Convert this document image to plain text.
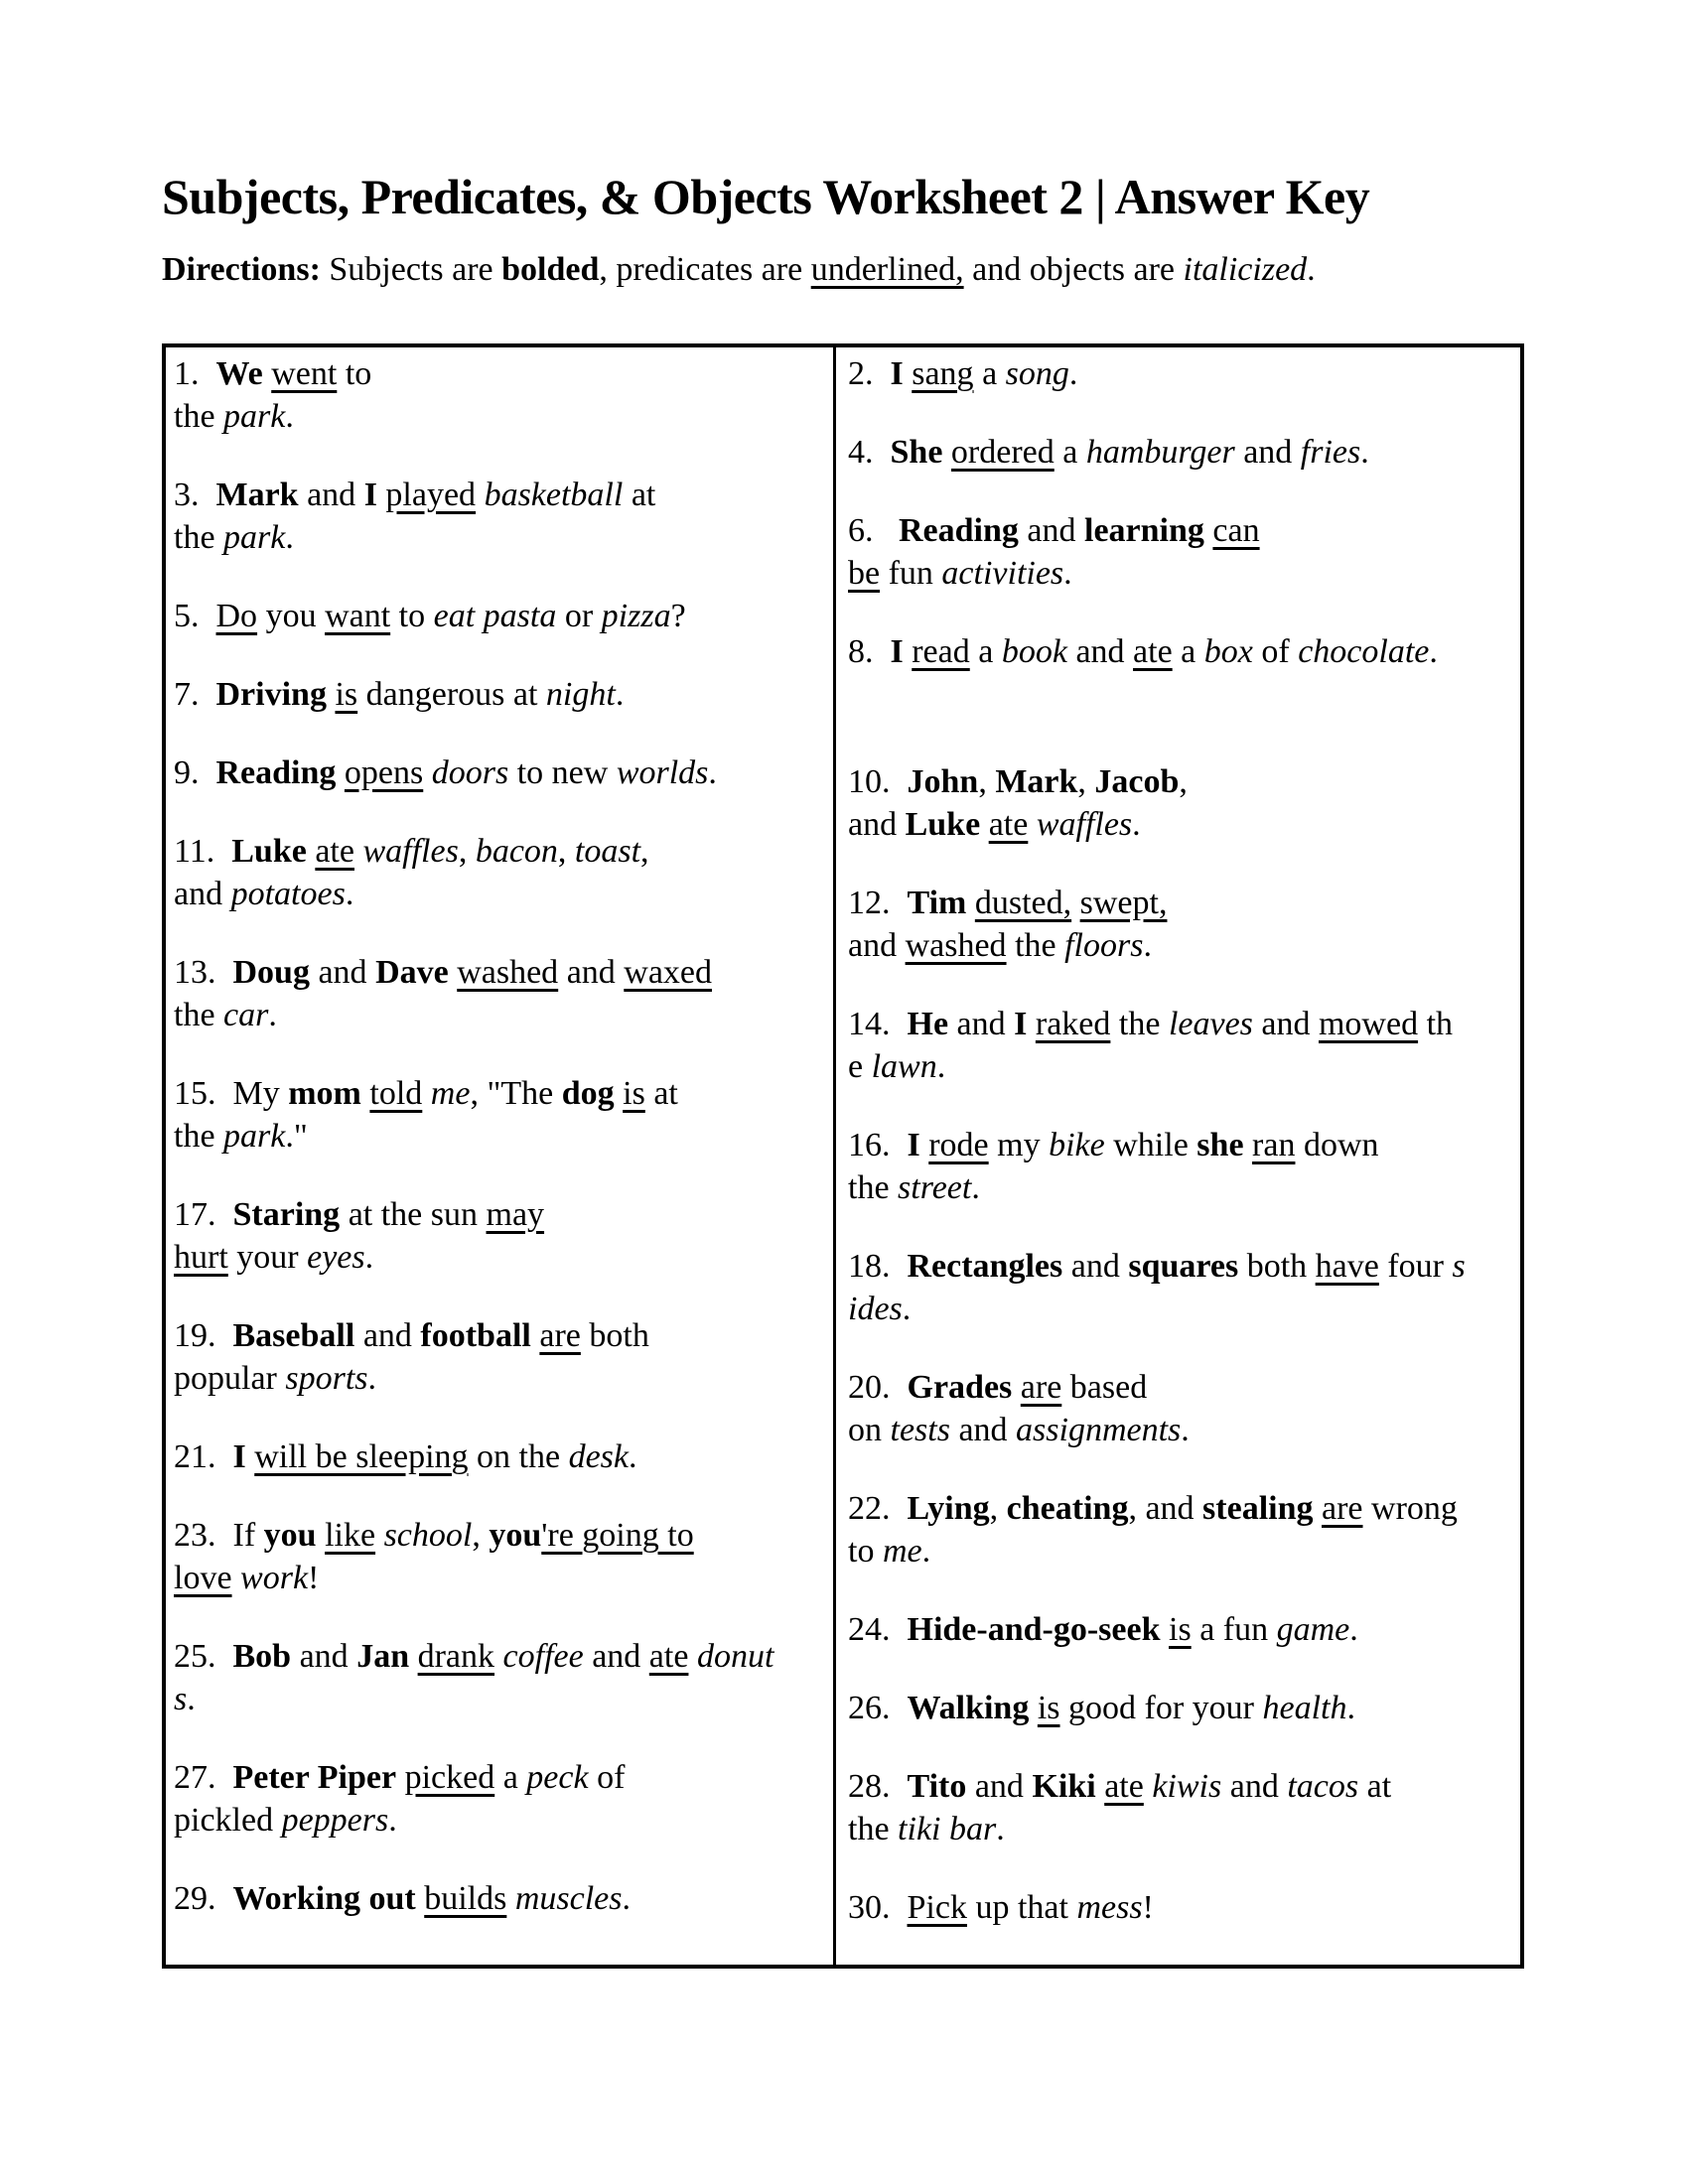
Subjects, Predicates, & Objects Worksheet 2 | Answer Key

Directions: Subjects are bolded, predicates are underlined, and objects are italicized.

1.  We went to
the park.

3.  Mark and I played basketball at
the park.

5.  Do you want to eat pasta or pizza?

7.  Driving is dangerous at night.

9.  Reading opens doors to new worlds.

11.  Luke ate waffles, bacon, toast,
and potatoes.

13.  Doug and Dave washed and waxed
the car.

15.  My mom told me, "The dog is at
the park."

17.  Staring at the sun may
hurt your eyes.

19.  Baseball and football are both
popular sports.

21.  I will be sleeping on the desk.

23.  If you like school, you're going to
love work!

25.  Bob and Jan drank coffee and ate donut
s.

27.  Peter Piper picked a peck of
pickled peppers.

29.  Working out builds muscles.

2.  I sang a song.

4.  She ordered a hamburger and fries.

6.   Reading and learning can
be fun activities.

8.  I read a book and ate a box of chocolate.

10.  John, Mark, Jacob,
and Luke ate waffles.

12.  Tim dusted, swept,
and washed the floors.

14.  He and I raked the leaves and mowed th
e lawn.

16.  I rode my bike while she ran down
the street.

18.  Rectangles and squares both have four s
ides.

20.  Grades are based
on tests and assignments.

22.  Lying, cheating, and stealing are wrong
to me.

24.  Hide-and-go-seek is a fun game.

26.  Walking is good for your health.

28.  Tito and Kiki ate kiwis and tacos at
the tiki bar.

30.  Pick up that mess!
